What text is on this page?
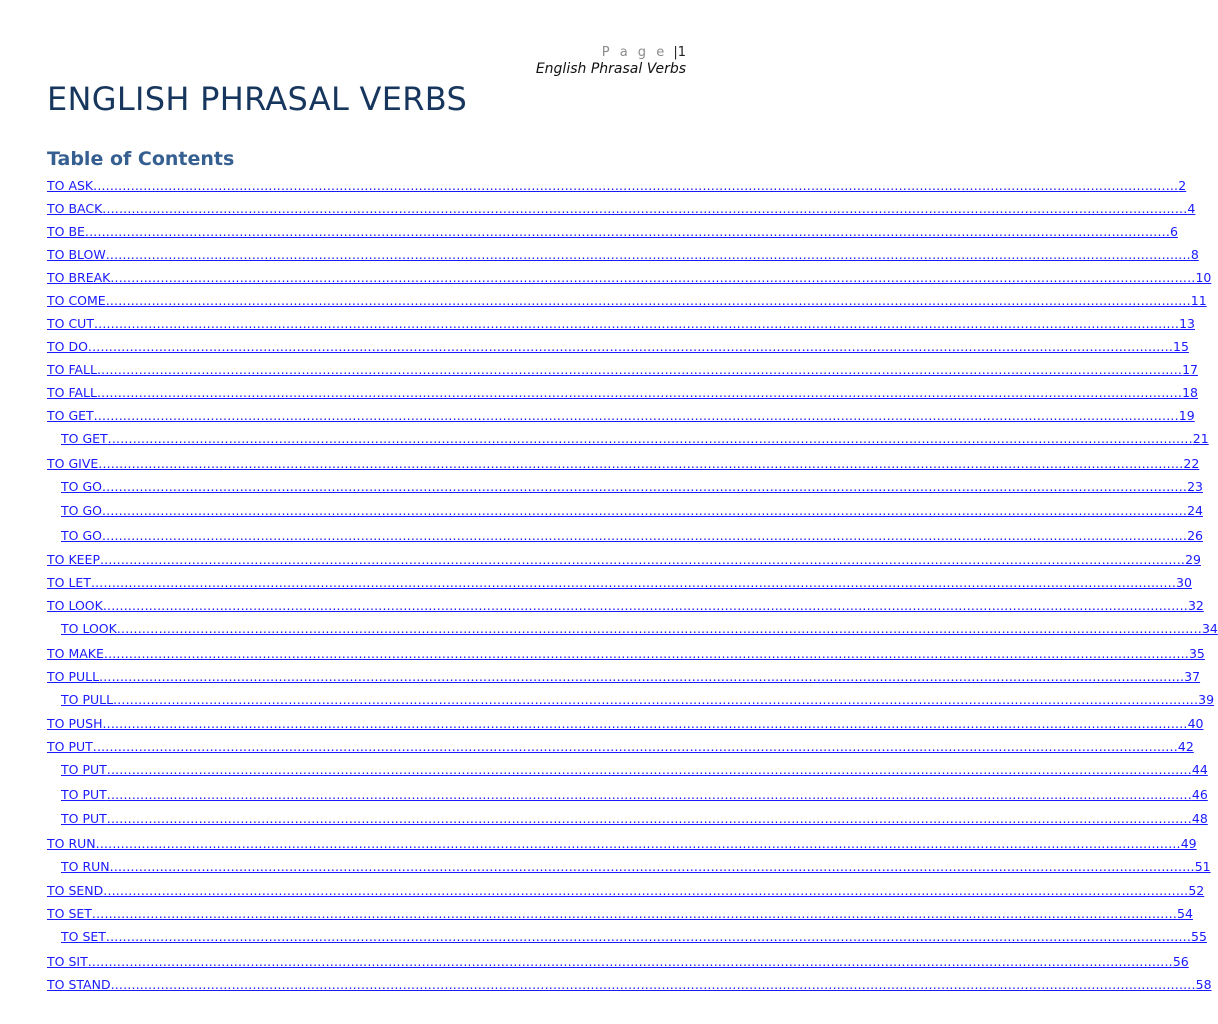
P a g e |1
English Phrasal Verbs
ENGLISH PHRASAL VERBS
Table of Contents
TO ASK .................................................................................................................................................................................................................................................................... 2
TO BACK .................................................................................................................................................................................................................................................................... 4
TO BE .................................................................................................................................................................................................................................................................... 6
TO BLOW .................................................................................................................................................................................................................................................................... 8
TO BREAK .................................................................................................................................................................................................................................................................... 10
TO COME .................................................................................................................................................................................................................................................................... 11
TO CUT .................................................................................................................................................................................................................................................................... 13
TO DO .................................................................................................................................................................................................................................................................... 15
TO FALL .................................................................................................................................................................................................................................................................... 17
TO FALL .................................................................................................................................................................................................................................................................... 18
TO GET .................................................................................................................................................................................................................................................................... 19
TO GET .................................................................................................................................................................................................................................................................... 21
TO GIVE .................................................................................................................................................................................................................................................................... 22
TO GO .................................................................................................................................................................................................................................................................... 23
TO GO .................................................................................................................................................................................................................................................................... 24
TO GO .................................................................................................................................................................................................................................................................... 26
TO KEEP .................................................................................................................................................................................................................................................................... 29
TO LET .................................................................................................................................................................................................................................................................... 30
TO LOOK .................................................................................................................................................................................................................................................................... 32
TO LOOK .................................................................................................................................................................................................................................................................... 34
TO MAKE .................................................................................................................................................................................................................................................................... 35
TO PULL .................................................................................................................................................................................................................................................................... 37
TO PULL .................................................................................................................................................................................................................................................................... 39
TO PUSH .................................................................................................................................................................................................................................................................... 40
TO PUT .................................................................................................................................................................................................................................................................... 42
TO PUT .................................................................................................................................................................................................................................................................... 44
TO PUT .................................................................................................................................................................................................................................................................... 46
TO PUT .................................................................................................................................................................................................................................................................... 48
TO RUN .................................................................................................................................................................................................................................................................... 49
TO RUN .................................................................................................................................................................................................................................................................... 51
TO SEND .................................................................................................................................................................................................................................................................... 52
TO SET .................................................................................................................................................................................................................................................................... 54
TO SET .................................................................................................................................................................................................................................................................... 55
TO SIT .................................................................................................................................................................................................................................................................... 56
TO STAND .................................................................................................................................................................................................................................................................... 58
